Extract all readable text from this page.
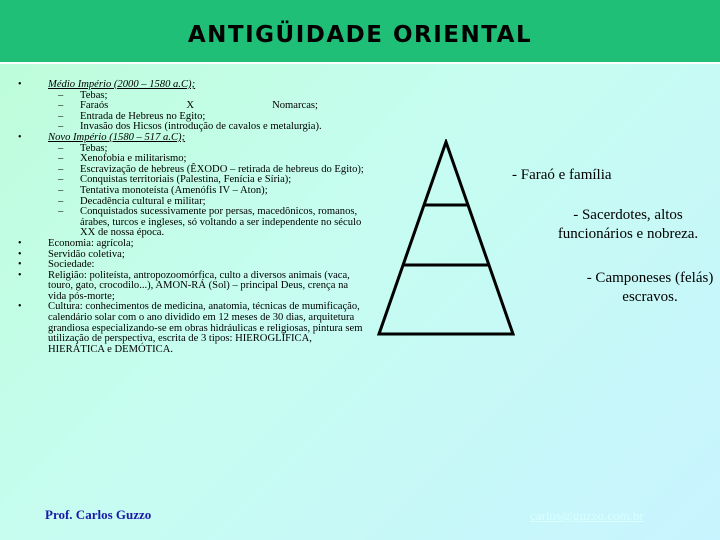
ANTIGÜIDADE ORIENTAL
• Médio Império (2000 – 1580 a.C);
– Tebas;
– Faraós	X	Nomarcas;
– Entrada de Hebreus no Egito;
– Invasão dos Hicsos (introdução de cavalos e metalurgia).
• Novo Império (1580 – 517 a.C);
– Tebas;
– Xenofobia e militarismo;
– Escravização de hebreus (ÊXODO – retirada de hebreus do Egito);
– Conquistas territoriais (Palestina, Fenícia e Síria);
– Tentativa monoteísta (Amenófis IV – Aton);
– Decadência cultural e militar;
– Conquistados sucessivamente por persas, macedônicos, romanos, árabes, turcos e ingleses, só voltando a ser independente no século XX de nossa época.
• Economia: agrícola;
• Servidão coletiva;
• Sociedade:
• Religião: politeísta, antropozoomórfica, culto a diversos animais (vaca, touro, gato, crocodilo...), AMON-RÁ (Sol) – principal Deus, crença na vida pós-morte;
• Cultura: conhecimentos de medicina, anatomia, técnicas de mumificação, calendário solar com o ano dividido em 12 meses de 30 dias, arquitetura grandiosa especializando-se em obras hidráulicas e religiosas, pintura sem utilização de perspectiva, escrita de 3 tipos: HIEROGLÍFICA, HIERÁTICA e DEMÓTICA.
- Faraó e família
- Sacerdotes, altos funcionários e nobreza.
- Camponeses (felás) escravos.
Prof. Carlos Guzzo	carlos@guzzo.com.br
